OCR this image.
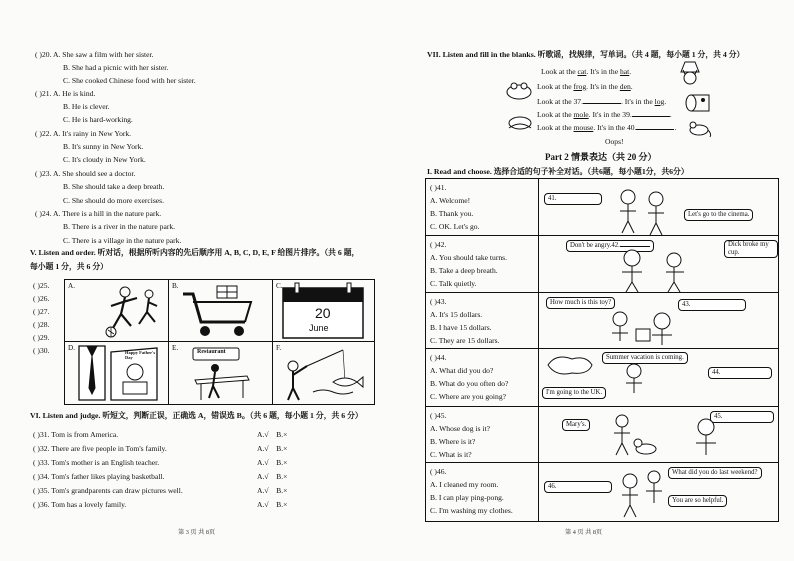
( )20. A. She saw a film with her sister.
B. She had a picnic with her sister.
C. She cooked Chinese food with her sister.
( )21. A. He is kind.
B. He is clever.
C. He is hard-working.
( )22. A. It's rainy in New York.
B. It's sunny in New York.
C. It's cloudy in New York.
( )23. A. She should see a doctor.
B. She should take a deep breath.
C. She should do more exercises.
( )24. A. There is a hill in the nature park.
B. There is a river in the nature park.
C. There is a village in the nature park.
V. Listen and order. 听对话，根据所听内容的先后顺序用 A, B, C, D, E, F 给图片排序。（共 6 题，
每小题 1 分，共 6 分）
( )25.
( )26.
( )27.
( )28.
( )29.
( )30.
A.	B.	C.
20
June
D.
Happy Father's Day
E.	Restaurant	F.
VI. Listen and judge. 听短文，判断正误，正确选 A，错误选 B。（共 6 题，每小题 1 分，共 6 分）
( )31. Tom is from America.	A.√ B.×
( )32. There are five people in Tom's family.	A.√ B.×
( )33. Tom's mother is an English teacher.	A.√ B.×
( )34. Tom's father likes playing basketball.	A.√ B.×
( )35. Tom's grandparents can draw pictures well.	A.√ B.×
( )36. Tom has a lovely family.	A.√ B.×
第 3 页 共 8页
VII. Listen and fill in the blanks. 听歌谣，找规律，写单词。（共 4 题，每小题 1 分，共 4 分）
Look at the cat. It's in the hat.
Look at the frog. It's in the den.
Look at the 37.	. It's in the log.
Look at the mole. It's in the 39.	.
Look at the mouse. It's in the 40.	.
Oops!
Part 2 情景表达（共 20 分）
I. Read and choose. 选择合适的句子补全对话。（共6题，每小题1分，共6分）
( )41.
A. Welcome!
B. Thank you.
C. OK. Let's go.
41.
Let's go to the cinema.
( )42.
A. You should take turns.
B. Take a deep breath.
C. Talk quietly.
Don't be angry.42.	Dick broke my cup.
( )43.
A. It's 15 dollars.
B. I have 15 dollars.
C. They are 15 dollars.
How much is this toy?	43.
( )44.
A. What did you do?
B. What do you often do?
C. Where are you going?
Summer vacation is coming.
44.
I'm going to the UK.
( )45.
A. Whose dog is it?
B. Where is it?
C. What is it?
45.
Mary's.
( )46.
A. I cleaned my room.
B. I can play ping-pong.
C. I'm washing my clothes.
What did you do last weekend?
46.
You are so helpful.
第 4 页 共 8页
